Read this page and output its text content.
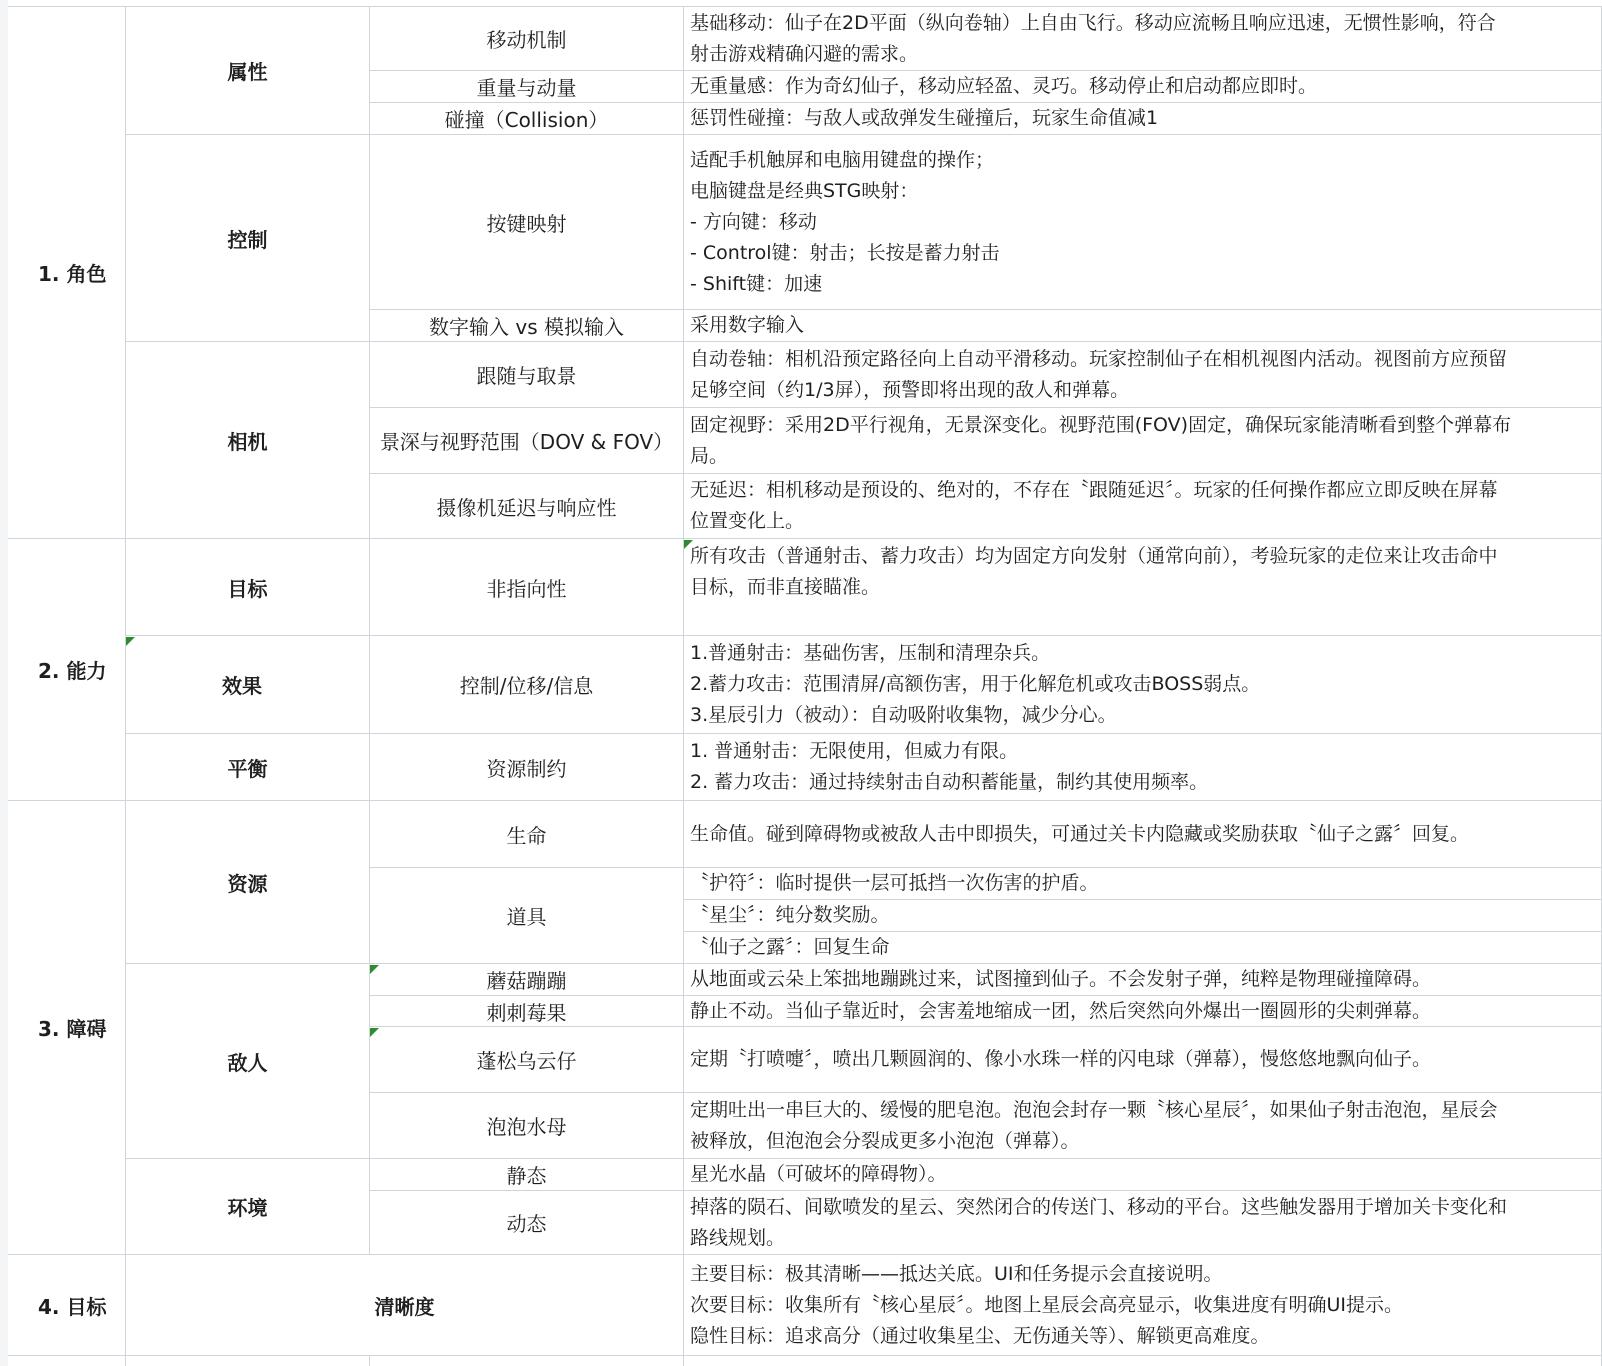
1. 角色
2. 能力
3. 障碍
4. 目标
属性
控制
相机
目标
效果
平衡
资源
敌人
环境
清晰度
移动机制
重量与动量
碰撞（Collision）
按键映射
数字输入 vs 模拟输入
跟随与取景
景深与视野范围（DOV & FOV）
摄像机延迟与响应性
非指向性
控制/位移/信息
资源制约
生命
道具
蘑菇蹦蹦
刺刺莓果
蓬松乌云仔
泡泡水母
静态
动态
基础移动：仙子在2D平面（纵向卷轴）上自由飞行。移动应流畅且响应迅速，无惯性影响，符合
射击游戏精确闪避的需求。
无重量感：作为奇幻仙子，移动应轻盈、灵巧。移动停止和启动都应即时。
惩罚性碰撞：与敌人或敌弹发生碰撞后，玩家生命值减1
适配手机触屏和电脑用键盘的操作；
电脑键盘是经典STG映射：
- 方向键：移动
- Control键：射击；长按是蓄力射击
- Shift键：加速
采用数字输入
自动卷轴：相机沿预定路径向上自动平滑移动。玩家控制仙子在相机视图内活动。视图前方应预留
足够空间（约1/3屏），预警即将出现的敌人和弹幕。
固定视野：采用2D平行视角，无景深变化。视野范围(FOV)固定，确保玩家能清晰看到整个弹幕布
局。
无延迟：相机移动是预设的、绝对的，不存在〝跟随延迟〞。玩家的任何操作都应立即反映在屏幕
位置变化上。
所有攻击（普通射击、蓄力攻击）均为固定方向发射（通常向前），考验玩家的走位来让攻击命中
目标，而非直接瞄准。
1.普通射击：基础伤害，压制和清理杂兵。
2.蓄力攻击：范围清屏/高额伤害，用于化解危机或攻击BOSS弱点。
3.星辰引力（被动）：自动吸附收集物，减少分心。
1. 普通射击：无限使用，但威力有限。
2. 蓄力攻击：通过持续射击自动积蓄能量，制约其使用频率。
生命值。碰到障碍物或被敌人击中即损失，可通过关卡内隐藏或奖励获取〝仙子之露〞回复。
〝护符〞：临时提供一层可抵挡一次伤害的护盾。
〝星尘〞：纯分数奖励。
〝仙子之露〞：回复生命
从地面或云朵上笨拙地蹦跳过来，试图撞到仙子。不会发射子弹，纯粹是物理碰撞障碍。
静止不动。当仙子靠近时，会害羞地缩成一团，然后突然向外爆出一圈圆形的尖刺弹幕。
定期〝打喷嚏〞，喷出几颗圆润的、像小水珠一样的闪电球（弹幕），慢悠悠地飘向仙子。
定期吐出一串巨大的、缓慢的肥皂泡。泡泡会封存一颗〝核心星辰〞，如果仙子射击泡泡，星辰会
被释放，但泡泡会分裂成更多小泡泡（弹幕）。
星光水晶（可破坏的障碍物）。
掉落的陨石、间歇喷发的星云、突然闭合的传送门、移动的平台。这些触发器用于增加关卡变化和
路线规划。
主要目标：极其清晰——抵达关底。UI和任务提示会直接说明。
次要目标：收集所有〝核心星辰〞。地图上星辰会高亮显示，收集进度有明确UI提示。
隐性目标：追求高分（通过收集星尘、无伤通关等）、解锁更高难度。
